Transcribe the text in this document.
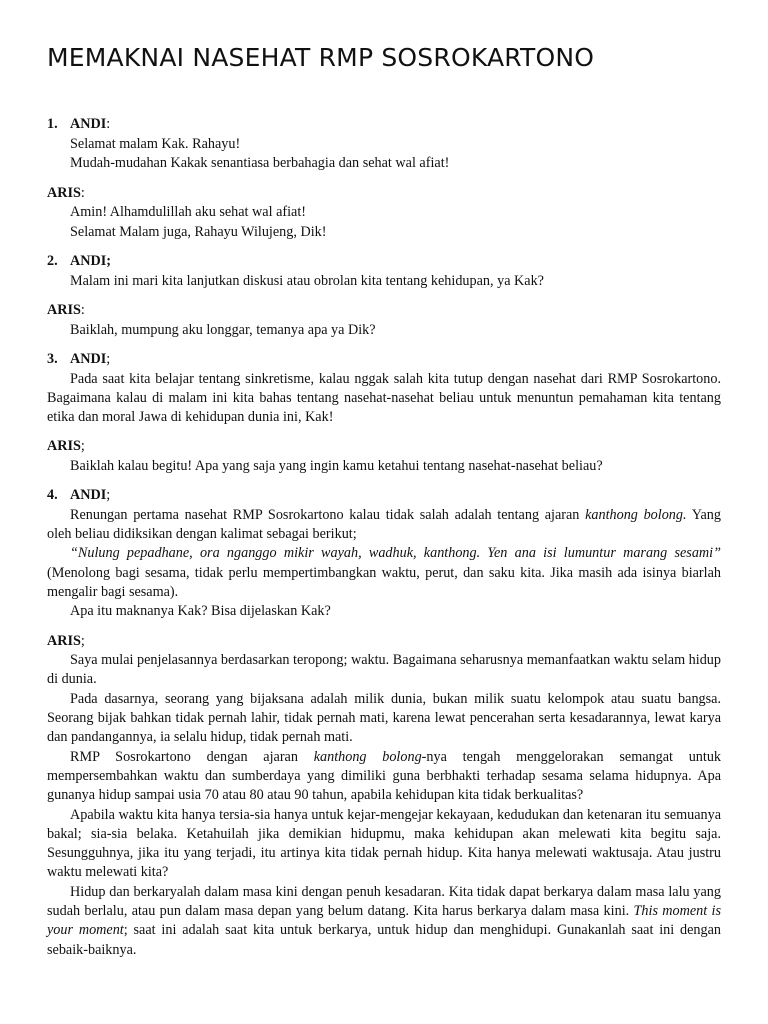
MEMAKNAI NASEHAT RMP SOSROKARTONO
1. ANDI:
Selamat malam Kak. Rahayu!
Mudah-mudahan Kakak senantiasa berbahagia dan sehat wal afiat!
ARIS:
Amin! Alhamdulillah aku sehat wal afiat!
Selamat Malam juga, Rahayu Wilujeng, Dik!
2. ANDI;
Malam ini mari kita lanjutkan diskusi atau obrolan kita tentang kehidupan, ya Kak?
ARIS:
Baiklah, mumpung aku longgar, temanya apa ya Dik?
3. ANDI;

Pada saat kita belajar tentang sinkretisme, kalau nggak salah kita tutup dengan nasehat dari RMP Sosrokartono. Bagaimana kalau di malam ini kita bahas tentang nasehat-nasehat beliau untuk menuntun pemahaman kita tentang etika dan moral Jawa di kehidupan dunia ini, Kak!

ARIS;
Baiklah kalau begitu! Apa yang saja yang ingin kamu ketahui tentang nasehat-nasehat beliau?
4. ANDI;

Renungan pertama nasehat RMP Sosrokartono kalau tidak salah adalah tentang ajaran kanthong bolong. Yang oleh beliau didiksikan dengan kalimat sebagai berikut;

“Nulung pepadhane, ora nganggo mikir wayah, wadhuk, kanthong. Yen ana isi lumuntur marang sesami” (Menolong bagi sesama, tidak perlu mempertimbangkan waktu, perut, dan saku kita. Jika masih ada isinya biarlah mengalir bagi sesama).

Apa itu maknanya Kak? Bisa dijelaskan Kak?

ARIS;

Saya mulai penjelasannya berdasarkan teropong; waktu. Bagaimana seharusnya memanfaatkan waktu selam hidup di dunia.

Pada dasarnya, seorang yang bijaksana adalah milik dunia, bukan milik suatu kelompok atau suatu bangsa. Seorang bijak bahkan tidak pernah lahir, tidak pernah mati, karena lewat pencerahan serta kesadarannya, lewat karya dan pandangannya, ia selalu hidup, tidak pernah mati.

RMP Sosrokartono dengan ajaran kanthong bolong-nya tengah menggelorakan semangat untuk mempersembahkan waktu dan sumberdaya yang dimiliki guna berbhakti terhadap sesama selama hidupnya. Apa gunanya hidup sampai usia 70 atau 80 atau 90 tahun, apabila kehidupan kita tidak berkualitas?

Apabila waktu kita hanya tersia-sia hanya untuk kejar-mengejar kekayaan, kedudukan dan ketenaran itu semuanya bakal; sia-sia belaka. Ketahuilah jika demikian hidupmu, maka kehidupan akan melewati kita begitu saja. Sesungguhnya, jika itu yang terjadi, itu artinya kita tidak pernah hidup. Kita hanya melewati waktusaja. Atau justru waktu melewati kita?

Hidup dan berkaryalah dalam masa kini dengan penuh kesadaran. Kita tidak dapat berkarya dalam masa lalu yang sudah berlalu, atau pun dalam masa depan yang belum datang. Kita harus berkarya dalam masa kini. This moment is your moment; saat ini adalah saat kita untuk berkarya, untuk hidup dan menghidupi. Gunakanlah saat ini dengan sebaik-baiknya.
